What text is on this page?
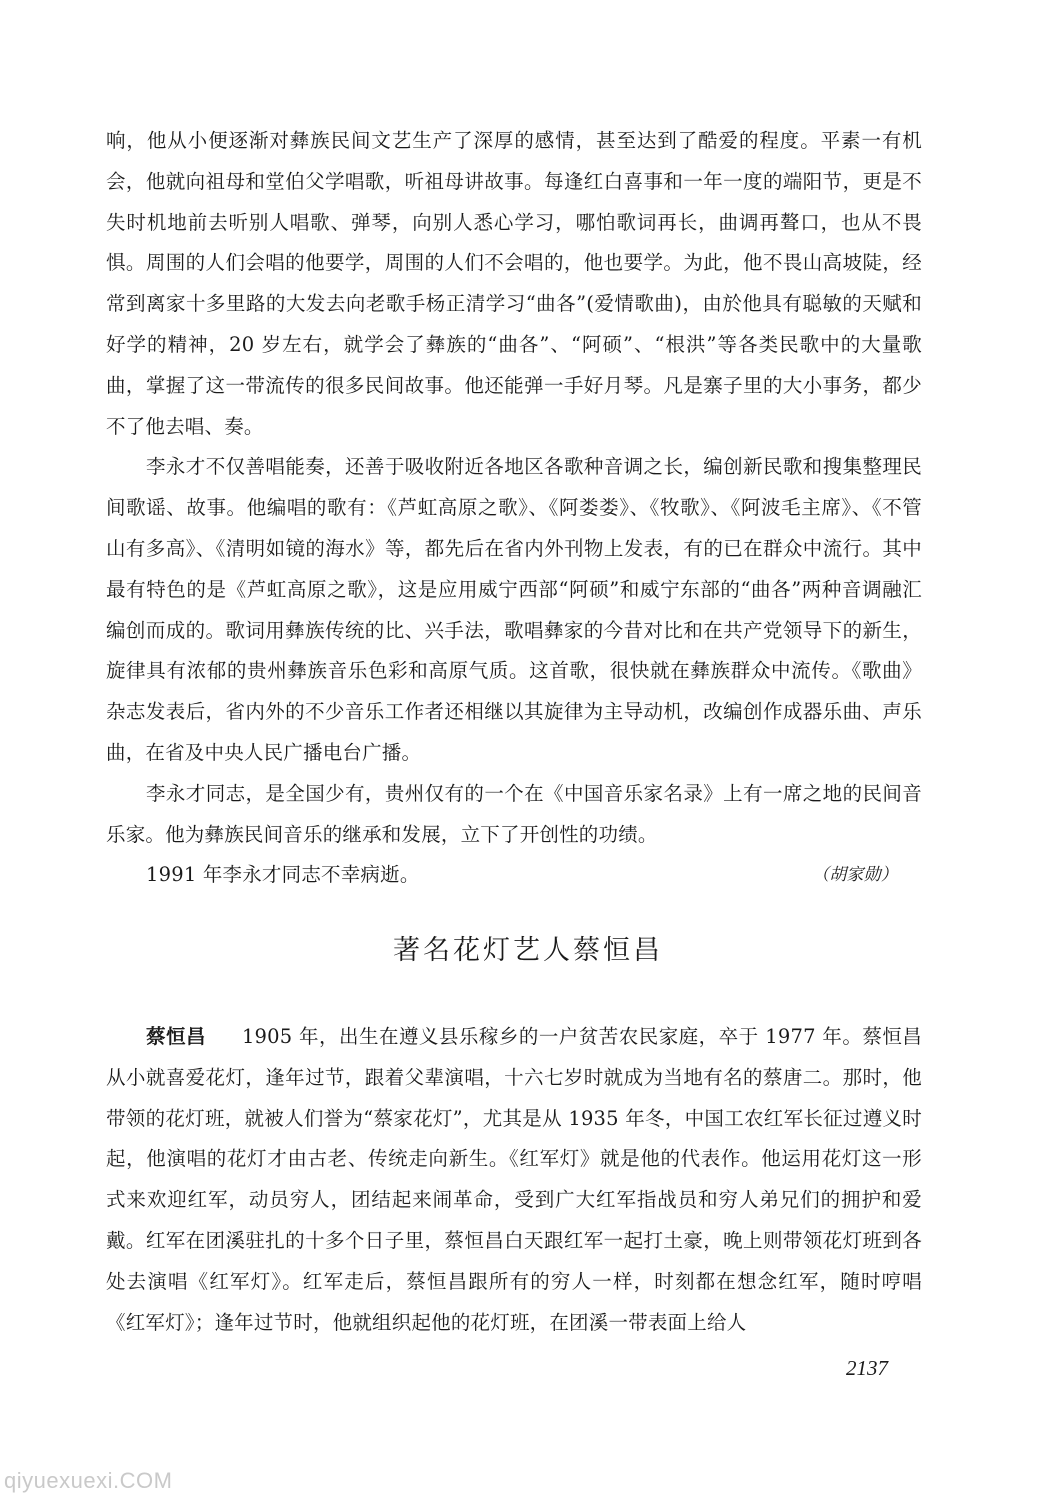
响，他从小便逐渐对彝族民间文艺生产了深厚的感情，甚至达到了酷爱的程度。平素一有机会，他就向祖母和堂伯父学唱歌，听祖母讲故事。每逢红白喜事和一年一度的端阳节，更是不失时机地前去听别人唱歌、弹琴，向别人悉心学习，哪怕歌词再长，曲调再聱口，也从不畏惧。周围的人们会唱的他要学，周围的人们不会唱的，他也要学。为此，他不畏山高坡陡，经常到离家十多里路的大发去向老歌手杨正清学习“曲各”(爱情歌曲)，由於他具有聪敏的天赋和好学的精神，20 岁左右，就学会了彝族的“曲各”、“阿硕”、“根洪”等各类民歌中的大量歌曲，掌握了这一带流传的很多民间故事。他还能弹一手好月琴。凡是寨子里的大小事务，都少不了他去唱、奏。

李永才不仅善唱能奏，还善于吸收附近各地区各歌种音调之长，编创新民歌和搜集整理民间歌谣、故事。他编唱的歌有：《芦虹高原之歌》、《阿娄娄》、《牧歌》、《阿波毛主席》、《不管山有多高》、《清明如镜的海水》等，都先后在省内外刊物上发表，有的已在群众中流行。其中最有特色的是《芦虹高原之歌》，这是应用威宁西部“阿硕”和威宁东部的“曲各”两种音调融汇编创而成的。歌词用彝族传统的比、兴手法，歌唱彝家的今昔对比和在共产党领导下的新生，旋律具有浓郁的贵州彝族音乐色彩和高原气质。这首歌，很快就在彝族群众中流传。《歌曲》杂志发表后，省内外的不少音乐工作者还相继以其旋律为主导动机，改编创作成器乐曲、声乐曲，在省及中央人民广播电台广播。

李永才同志，是全国少有，贵州仅有的一个在《中国音乐家名录》上有一席之地的民间音乐家。他为彝族民间音乐的继承和发展，立下了开创性的功绩。

1991 年李永才同志不幸病逝。	（胡家勋）
著名花灯艺人蔡恒昌

蔡恒昌 1905 年，出生在遵义县乐稼乡的一户贫苦农民家庭，卒于 1977 年。蔡恒昌从小就喜爱花灯，逢年过节，跟着父辈演唱，十六七岁时就成为当地有名的蔡唐二。那时，他带领的花灯班，就被人们誉为“蔡家花灯”，尤其是从 1935 年冬，中国工农红军长征过遵义时起，他演唱的花灯才由古老、传统走向新生。《红军灯》就是他的代表作。他运用花灯这一形式来欢迎红军，动员穷人，团结起来闹革命，受到广大红军指战员和穷人弟兄们的拥护和爱戴。红军在团溪驻扎的十多个日子里，蔡恒昌白天跟红军一起打土豪，晚上则带领花灯班到各处去演唱《红军灯》。红军走后，蔡恒昌跟所有的穷人一样，时刻都在想念红军，随时哼唱《红军灯》；逢年过节时，他就组织起他的花灯班，在团溪一带表面上给人

2137
qiyuexuexi.COM
